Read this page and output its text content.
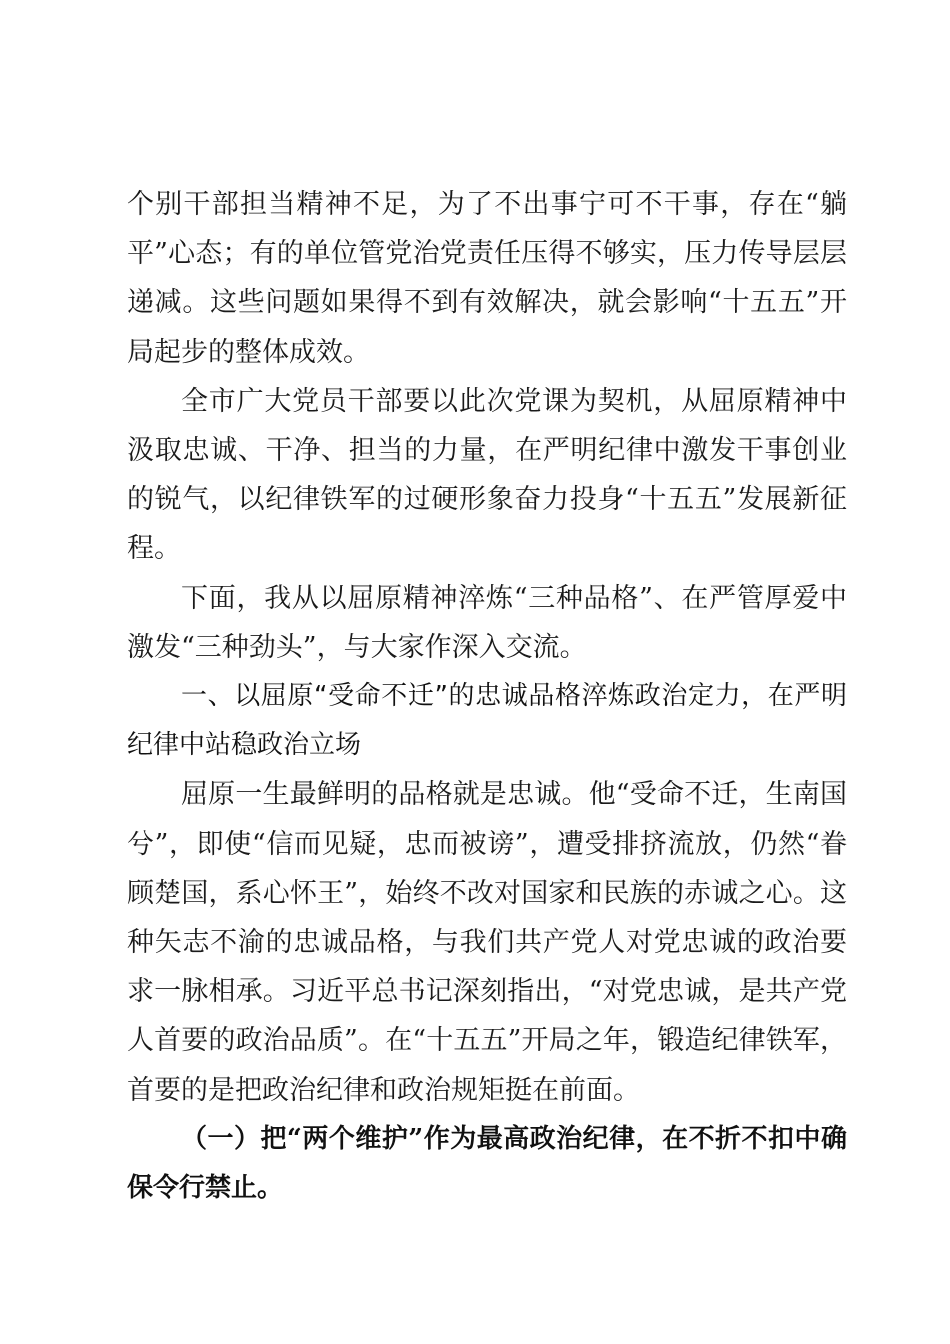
个别干部担当精神不足，为了不出事宁可不干事，存在“躺平”心态；有的单位管党治党责任压得不够实，压力传导层层递减。这些问题如果得不到有效解决，就会影响“十五五”开局起步的整体成效。

全市广大党员干部要以此次党课为契机，从屈原精神中汲取忠诚、干净、担当的力量，在严明纪律中激发干事创业的锐气，以纪律铁军的过硬形象奋力投身“十五五”发展新征程。

下面，我从以屈原精神淬炼“三种品格”、在严管厚爱中激发“三种劲头”，与大家作深入交流。

一、以屈原“受命不迁”的忠诚品格淬炼政治定力，在严明纪律中站稳政治立场

屈原一生最鲜明的品格就是忠诚。他“受命不迁，生南国兮”，即使“信而见疑，忠而被谤”，遭受排挤流放，仍然“眷顾楚国，系心怀王”，始终不改对国家和民族的赤诚之心。这种矢志不渝的忠诚品格，与我们共产党人对党忠诚的政治要求一脉相承。习近平总书记深刻指出，“对党忠诚，是共产党人首要的政治品质”。在“十五五”开局之年，锻造纪律铁军，首要的是把政治纪律和政治规矩挺在前面。

（一）把“两个维护”作为最高政治纪律，在不折不扣中确保令行禁止。
